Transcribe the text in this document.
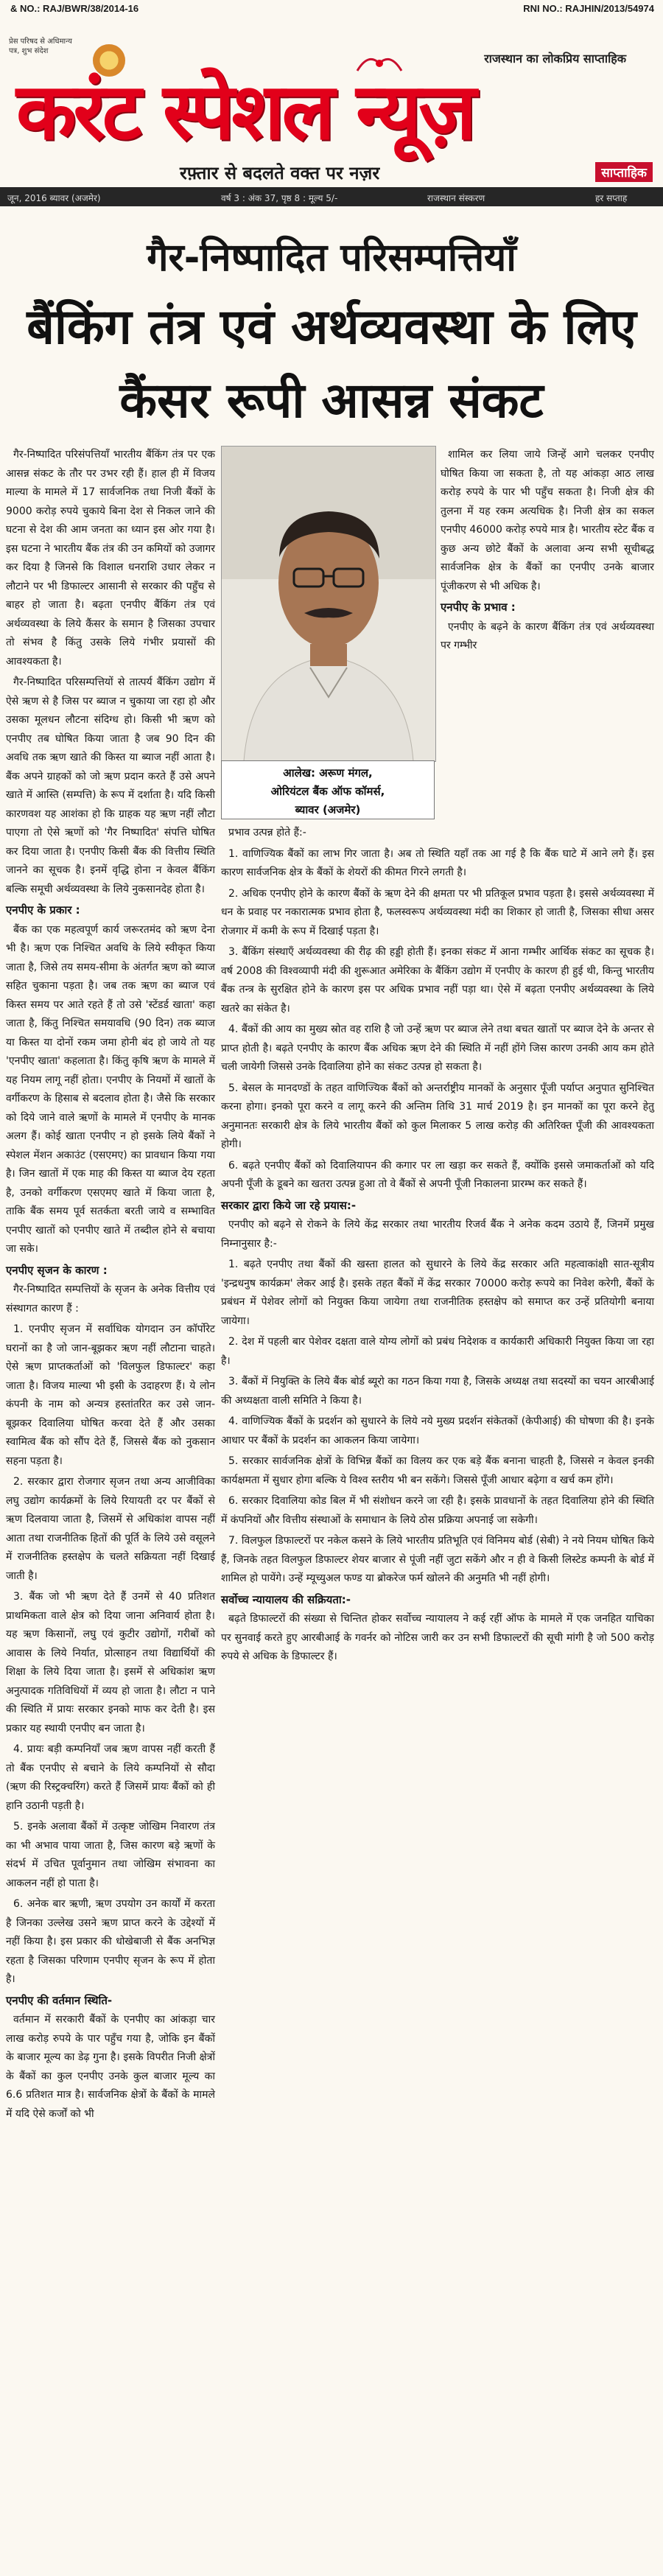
& NO.: RAJ/BWR/38/2014-16	RNI NO.: RAJHIN/2013/54974
प्रेस परिषद से अधिमान्य पत्र, शुभ संदेश
राजस्थान का लोकप्रिय साप्ताहिक
करंट स्पेशल न्यूज़
रफ़्तार से बदलते वक्त पर नज़र	साप्ताहिक
जून, 2016 ब्यावर (अजमेर)	वर्ष 3 : अंक 37, पृष्ठ 8 : मूल्य 5/-	राजस्थान संस्करण	हर सप्ताह
गैर-निष्पादित परिसम्पत्तियाँ
बैंकिंग तंत्र एवं अर्थव्यवस्था के लिए कैंसर रूपी आसन्न संकट

गैर-निष्पादित परिसंपत्तियाँ भारतीय बैंकिंग तंत्र पर एक आसन्न संकट के तौर पर उभर रही हैं। हाल ही में विजय माल्या के मामले में 17 सार्वजनिक तथा निजी बैंकों के 9000 करोड़ रुपये चुकाये बिना देश से निकल जाने की घटना से देश की आम जनता का ध्यान इस ओर गया है। इस घटना ने भारतीय बैंक तंत्र की उन कमियों को उजागर कर दिया है जिनसे कि विशाल धनराशि उधार लेकर न लौटाने पर भी डिफाल्टर आसानी से सरकार की पहुँच से बाहर हो जाता है। बढ़ता एनपीए बैंकिंग तंत्र एवं अर्थव्यवस्था के लिये कैंसर के समान है जिसका उपचार तो संभव है किंतु उसके लिये गंभीर प्रयासों की आवश्यकता है।

गैर-निष्पादित परिसम्पत्तियों से तात्पर्य बैंकिंग उद्योग में ऐसे ऋण से है जिस पर ब्याज न चुकाया जा रहा हो और उसका मूलधन लौटना संदिग्ध हो। किसी भी ऋण को एनपीए तब घोषित किया जाता है जब 90 दिन की अवधि तक ऋण खाते की किस्त या ब्याज नहीं आता है। बैंक अपने ग्राहकों को जो ऋण प्रदान करते हैं उसे अपने खाते में आस्ति (सम्पत्ति) के रूप में दर्शाता है। यदि किसी कारणवश यह आशंका हो कि ग्राहक यह ऋण नहीं लौटा पाएगा तो ऐसे ऋणों को 'गैर निष्पादित' संपत्ति घोषित कर दिया जाता है। एनपीए किसी बैंक की वित्तीय स्थिति जानने का सूचक है। इनमें वृद्धि होना न केवल बैंकिंग बल्कि समूची अर्थव्यवस्था के लिये नुकसानदेह होता है।

एनपीए के प्रकार :

बैंक का एक महत्वपूर्ण कार्य जरूरतमंद को ऋण देना भी है। ऋण एक निश्चित अवधि के लिये स्वीकृत किया जाता है, जिसे तय समय-सीमा के अंतर्गत ऋण को ब्याज सहित चुकाना पड़ता है। जब तक ऋण का ब्याज एवं किस्त समय पर आते रहते हैं तो उसे 'स्टेंडर्ड खाता' कहा जाता है, किंतु निश्चित समयावधि (90 दिन) तक ब्याज या किस्त या दोनों रकम जमा होनी बंद हो जाये तो यह 'एनपीए खाता' कहलाता है। किंतु कृषि ऋण के मामले में यह नियम लागू नहीं होता। एनपीए के नियमों में खातों के वर्गीकरण के हिसाब से बदलाव होता है। जैसे कि सरकार को दिये जाने वाले ऋणों के मामले में एनपीए के मानक अलग हैं। कोई खाता एनपीए न हो इसके लिये बैंकों ने स्पेशल मेंशन अकाउंट (एसएमए) का प्रावधान किया गया है। जिन खातों में एक माह की किस्त या ब्याज देय रहता है, उनको वर्गीकरण एसएमए खाते में किया जाता है, ताकि बैंक समय पूर्व सतर्कता बरती जाये व सम्भावित एनपीए खातों को एनपीए खाते में तब्दील होने से बचाया जा सके।

एनपीए सृजन के कारण :

गैर-निष्पादित सम्पत्तियों के सृजन के अनेक वित्तीय एवं संस्थागत कारण हैं :

1. एनपीए सृजन में सर्वाधिक योगदान उन कॉर्पोरेट घरानों का है जो जान-बूझकर ऋण नहीं लौटाना चाहते। ऐसे ऋण प्राप्तकर्ताओं को 'विलफुल डिफाल्टर' कहा जाता है। विजय माल्या भी इसी के उदाहरण हैं। ये लोन कंपनी के नाम को अन्यत्र हस्तांतरित कर उसे जान-बूझकर दिवालिया घोषित करवा देते हैं और उसका स्वामित्व बैंक को सौंप देते हैं, जिससे बैंक को नुकसान सहना पड़ता है।

2. सरकार द्वारा रोजगार सृजन तथा अन्य आजीविका लघु उद्योग कार्यक्रमों के लिये रियायती दर पर बैंकों से ऋण दिलवाया जाता है, जिसमें से अधिकांश वापस नहीं आता तथा राजनीतिक हितों की पूर्ति के लिये उसे वसूलने में राजनीतिक हस्तक्षेप के चलते सक्रियता नहीं दिखाई जाती है।

3. बैंक जो भी ऋण देते हैं उनमें से 40 प्रतिशत प्राथमिकता वाले क्षेत्र को दिया जाना अनिवार्य होता है। यह ऋण किसानों, लघु एवं कुटीर उद्योगों, गरीबों को आवास के लिये निर्यात, प्रोत्साहन तथा विद्यार्थियों की शिक्षा के लिये दिया जाता है। इसमें से अधिकांश ऋण अनुत्पादक गतिविधियों में व्यय हो जाता है। लौटा न पाने की स्थिति में प्रायः सरकार इनको माफ कर देती है। इस प्रकार यह स्थायी एनपीए बन जाता है।

4. प्रायः बड़ी कम्पनियाँ जब ऋण वापस नहीं करती हैं तो बैंक एनपीए से बचाने के लिये कम्पनियों से सौदा (ऋण की रिस्ट्रक्चरिंग) करते हैं जिसमें प्रायः बैंकों को ही हानि उठानी पड़ती है।

5. इनके अलावा बैंकों में उत्कृष्ट जोखिम निवारण तंत्र का भी अभाव पाया जाता है, जिस कारण बड़े ऋणों के संदर्भ में उचित पूर्वानुमान तथा जोखिम संभावना का आकलन नहीं हो पाता है।

6. अनेक बार ऋणी, ऋण उपयोग उन कार्यों में करता है जिनका उल्लेख उसने ऋण प्राप्त करने के उद्देश्यों में नहीं किया है। इस प्रकार की धोखेबाजी से बैंक अनभिज्ञ रहता है जिसका परिणाम एनपीए सृजन के रूप में होता है।

एनपीए की वर्तमान स्थिति-

वर्तमान में सरकारी बैंकों के एनपीए का आंकड़ा चार लाख करोड़ रुपये के पार पहुँच गया है, जोकि इन बैंकों के बाजार मूल्य का डेढ़ गुना है। इसके विपरीत निजी क्षेत्रों के बैंकों का कुल एनपीए उनके कुल बाजार मूल्य का 6.6 प्रतिशत मात्र है। सार्वजनिक क्षेत्रों के बैंकों के मामले में यदि ऐसे कर्जों को भी

आलेख: अरूण मंगल,
ओरियंटल बैंक ऑफ कॉमर्स,
ब्यावर (अजमेर)

शामिल कर लिया जाये जिन्हें आगे चलकर एनपीए घोषित किया जा सकता है, तो यह आंकड़ा आठ लाख करोड़ रुपये के पार भी पहुँच सकता है। निजी क्षेत्र की तुलना में यह रकम अत्यधिक है। निजी क्षेत्र का सकल एनपीए 46000 करोड़ रुपये मात्र है। भारतीय स्टेट बैंक व कुछ अन्य छोटे बैंकों के अलावा अन्य सभी सूचीबद्ध सार्वजनिक क्षेत्र के बैंकों का एनपीए उनके बाजार पूंजीकरण से भी अधिक है।

एनपीए के प्रभाव :

एनपीए के बढ़ने के कारण बैंकिंग तंत्र एवं अर्थव्यवस्था पर गम्भीर

प्रभाव उत्पन्न होते हैं:-

1. वाणिज्यिक बैंकों का लाभ गिर जाता है। अब तो स्थिति यहाँ तक आ गई है कि बैंक घाटे में आने लगे हैं। इस कारण सार्वजनिक क्षेत्र के बैंकों के शेयरों की कीमत गिरने लगती है।

2. अधिक एनपीए होने के कारण बैंकों के ऋण देने की क्षमता पर भी प्रतिकूल प्रभाव पड़ता है। इससे अर्थव्यवस्था में धन के प्रवाह पर नकारात्मक प्रभाव होता है, फलस्वरूप अर्थव्यवस्था मंदी का शिकार हो जाती है, जिसका सीधा असर रोजगार में कमी के रूप में दिखाई पड़ता है।

3. बैंकिंग संस्थाएँ अर्थव्यवस्था की रीढ़ की हड्डी होती हैं। इनका संकट में आना गम्भीर आर्थिक संकट का सूचक है। वर्ष 2008 की विश्वव्यापी मंदी की शुरूआत अमेरिका के बैंकिंग उद्योग में एनपीए के कारण ही हुई थी, किन्तु भारतीय बैंक तन्त्र के सुरक्षित होने के कारण इस पर अधिक प्रभाव नहीं पड़ा था। ऐसे में बढ़ता एनपीए अर्थव्यवस्था के लिये खतरे का संकेत है।

4. बैंकों की आय का मुख्य स्रोत वह राशि है जो उन्हें ऋण पर ब्याज लेने तथा बचत खातों पर ब्याज देने के अन्तर से प्राप्त होती है। बढ़ते एनपीए के कारण बैंक अधिक ऋण देने की स्थिति में नहीं होंगे जिस कारण उनकी आय कम होते चली जायेगी जिससे उनके दिवालिया होने का संकट उत्पन्न हो सकता है।

5. बेसल के मानदण्डों के तहत वाणिज्यिक बैंकों को अन्तर्राष्ट्रीय मानकों के अनुसार पूँजी पर्याप्त अनुपात सुनिश्चित करना होगा। इनको पूरा करने व लागू करने की अन्तिम तिथि 31 मार्च 2019 है। इन मानकों का पूरा करने हेतु अनुमानतः सरकारी क्षेत्र के लिये भारतीय बैंकों को कुल मिलाकर 5 लाख करोड़ की अतिरिक्त पूँजी की आवश्यकता होगी।

6. बढ़ते एनपीए बैंकों को दिवालियापन की कगार पर ला खड़ा कर सकते हैं, क्योंकि इससे जमाकर्ताओं को यदि अपनी पूँजी के डूबने का खतरा उत्पन्न हुआ तो वे बैंकों से अपनी पूँजी निकालना प्रारम्भ कर सकते हैं।

सरकार द्वारा किये जा रहे प्रयास:-

एनपीए को बढ़ने से रोकने के लिये केंद्र सरकार तथा भारतीय रिजर्व बैंक ने अनेक कदम उठाये हैं, जिनमें प्रमुख निम्नानुसार है:-

1. बढ़ते एनपीए तथा बैंकों की खस्ता हालत को सुधारने के लिये केंद्र सरकार अति महत्वाकांक्षी सात-सूत्रीय 'इन्द्रधनुष कार्यक्रम' लेकर आई है। इसके तहत बैंकों में केंद्र सरकार 70000 करोड़ रूपये का निवेश करेगी, बैंकों के प्रबंधन में पेशेवर लोगों को नियुक्त किया जायेगा तथा राजनीतिक हस्तक्षेप को समाप्त कर उन्हें प्रतियोगी बनाया जायेगा।

2. देश में पहली बार पेशेवर दक्षता वाले योग्य लोगों को प्रबंध निदेशक व कार्यकारी अधिकारी नियुक्त किया जा रहा है।

3. बैंकों में नियुक्ति के लिये बैंक बोर्ड ब्यूरो का गठन किया गया है, जिसके अध्यक्ष तथा सदस्यों का चयन आरबीआई की अध्यक्षता वाली समिति ने किया है।

4. वाणिज्यिक बैंकों के प्रदर्शन को सुधारने के लिये नये मुख्य प्रदर्शन संकेतकों (केपीआई) की घोषणा की है। इनके आधार पर बैंकों के प्रदर्शन का आकलन किया जायेगा।

5. सरकार सार्वजनिक क्षेत्रों के विभिन्न बैंकों का विलय कर एक बड़े बैंक बनाना चाहती है, जिससे न केवल इनकी कार्यक्षमता में सुधार होगा बल्कि ये विश्व स्तरीय भी बन सकेंगे। जिससे पूँजी आधार बढ़ेगा व खर्च कम होंगे।

6. सरकार दिवालिया कोड बिल में भी संशोधन करने जा रही है। इसके प्रावधानों के तहत दिवालिया होने की स्थिति में कंपनियों और वित्तीय संस्थाओं के समाधान के लिये ठोस प्रक्रिया अपनाई जा सकेगी।

7. विलफुल डिफाल्टरों पर नकेल कसने के लिये भारतीय प्रतिभूति एवं विनिमय बोर्ड (सेबी) ने नये नियम घोषित किये हैं, जिनके तहत विलफुल डिफाल्टर शेयर बाजार से पूंजी नहीं जुटा सकेंगे और न ही वे किसी लिस्टेड कम्पनी के बोर्ड में शामिल हो पायेंगे। उन्हें म्यूच्युअल फण्ड या ब्रोकरेज फर्म खोलने की अनुमति भी नहीं होगी।

सर्वोच्च न्यायालय की सक्रियता:-

बढ़ते डिफाल्टरों की संख्या से चिन्तित होकर सर्वोच्च न्यायालय ने कई रहीं ऑफ के मामले में एक जनहित याचिका पर सुनवाई करते हुए आरबीआई के गवर्नर को नोटिस जारी कर उन सभी डिफाल्टरों की सूची मांगी है जो 500 करोड़ रुपये से अधिक के डिफाल्टर हैं।
